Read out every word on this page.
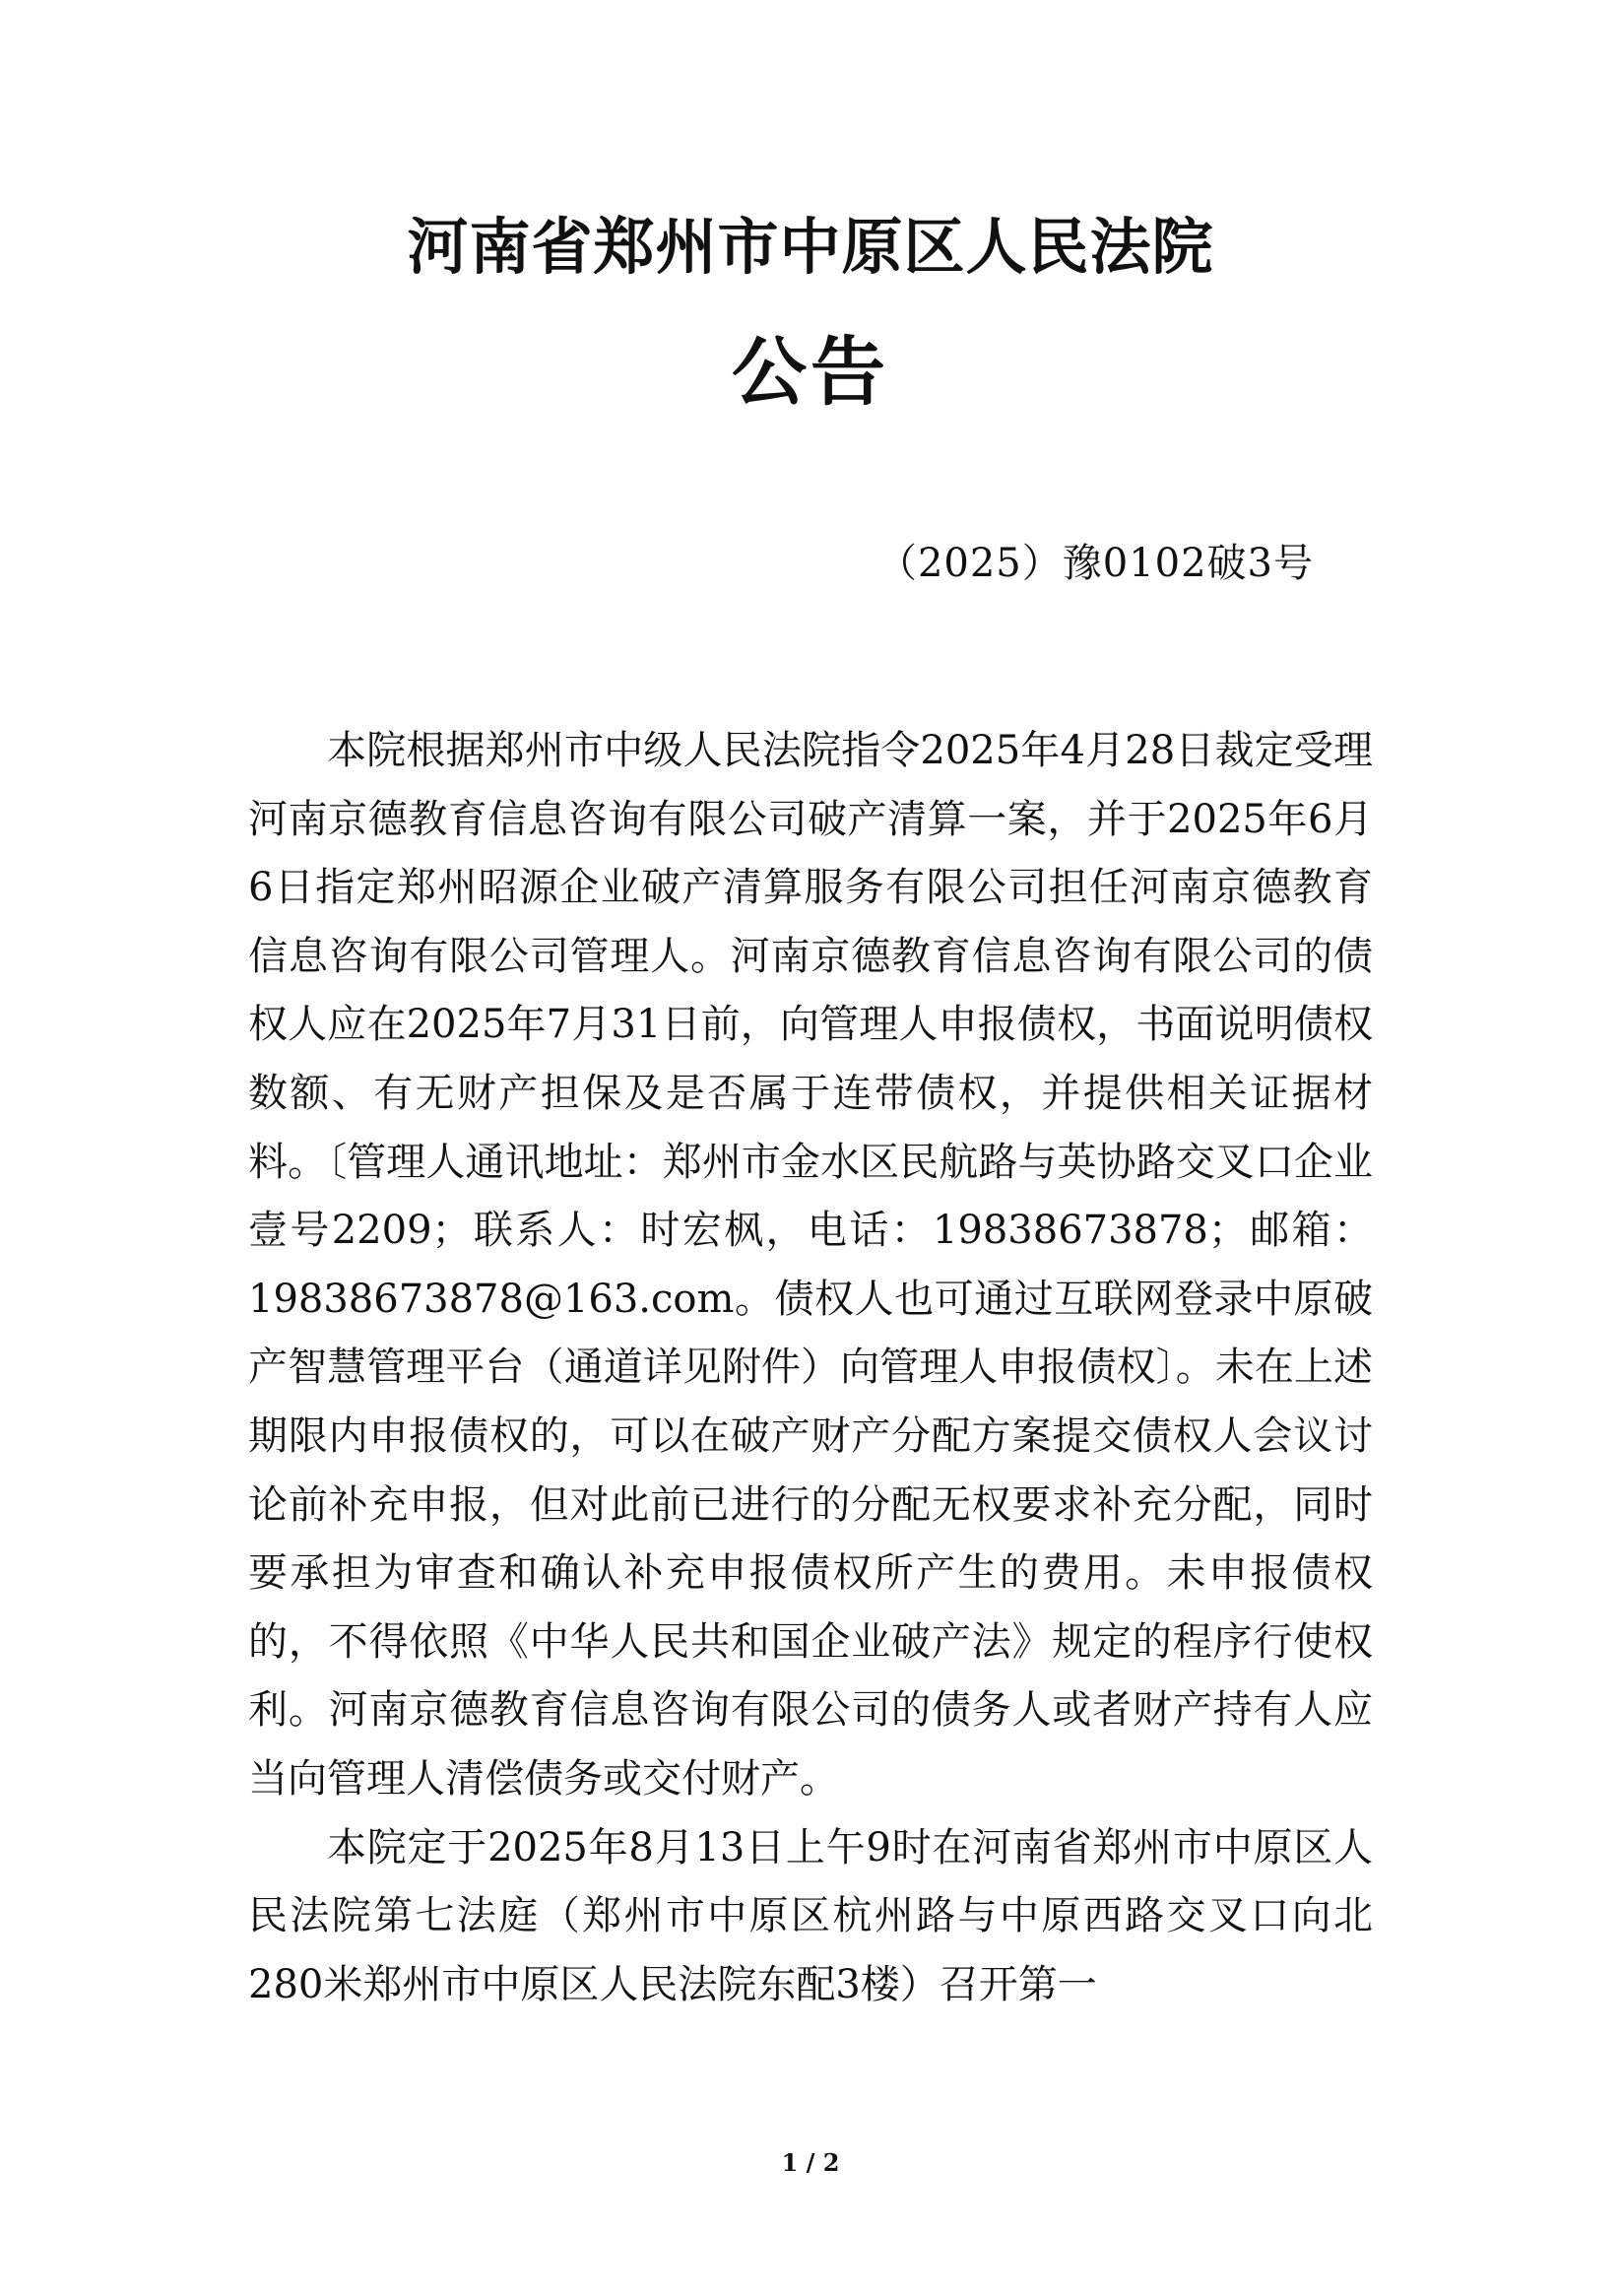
河南省郑州市中原区人民法院
公告
（2025）豫0102破3号

本院根据郑州市中级人民法院指令2025年4月28日裁定受理河南京德教育信息咨询有限公司破产清算一案，并于2025年6月6日指定郑州昭源企业破产清算服务有限公司担任河南京德教育信息咨询有限公司管理人。河南京德教育信息咨询有限公司的债权人应在2025年7月31日前，向管理人申报债权，书面说明债权数额、有无财产担保及是否属于连带债权，并提供相关证据材料。〔管理人通讯地址：郑州市金水区民航路与英协路交叉口企业壹号2209；联系人：时宏枫，电话：19838673878；邮箱：19838673878@163.com。债权人也可通过互联网登录中原破产智慧管理平台（通道详见附件）向管理人申报债权〕。未在上述期限内申报债权的，可以在破产财产分配方案提交债权人会议讨论前补充申报，但对此前已进行的分配无权要求补充分配，同时要承担为审查和确认补充申报债权所产生的费用。未申报债权的，不得依照《中华人民共和国企业破产法》规定的程序行使权利。河南京德教育信息咨询有限公司的债务人或者财产持有人应当向管理人清偿债务或交付财产。

本院定于2025年8月13日上午9时在河南省郑州市中原区人民法院第七法庭（郑州市中原区杭州路与中原西路交叉口向北280米郑州市中原区人民法院东配3楼）召开第一

1 / 2
